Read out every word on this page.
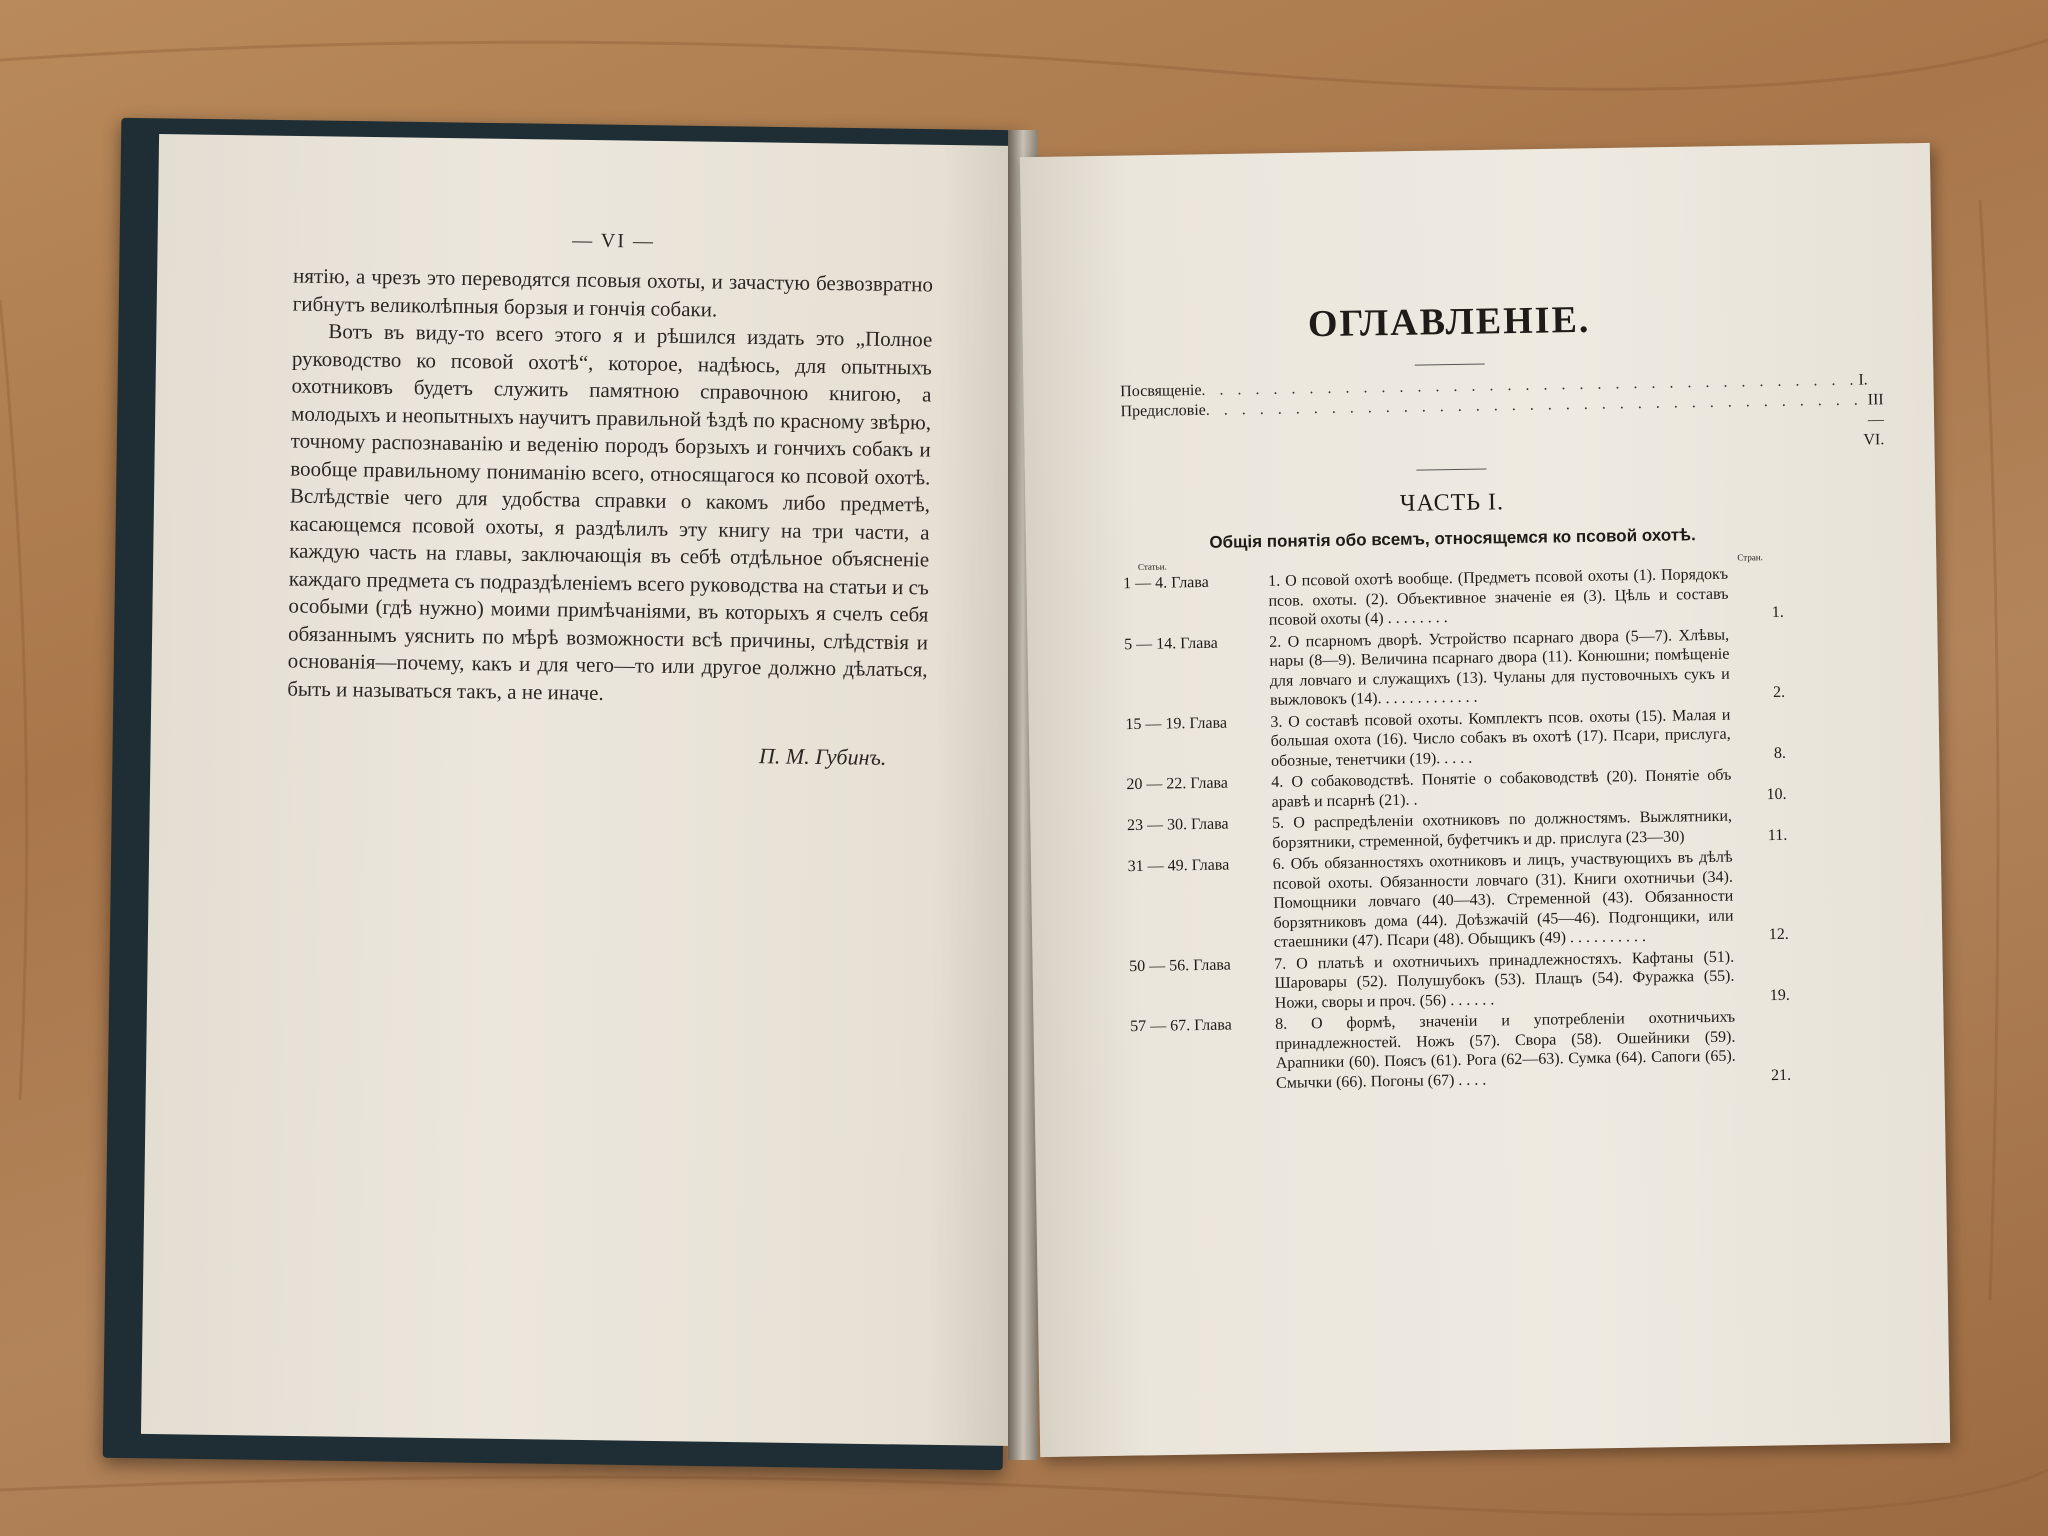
— VI —

нятію, а чрезъ это переводятся псовыя охоты, и зачастую безвозвратно гибнутъ великолѣпныя борзыя и гончія собаки.

Вотъ въ виду-то всего этого я и рѣшился издать это „Полное руководство ко псовой охотѣ“, которое, надѣюсь, для опытныхъ охотниковъ будетъ служить памятною справочною книгою, а молодыхъ и неопытныхъ научитъ правильной ѣздѣ по красному звѣрю, точному распознаванію и веденію породъ борзыхъ и гончихъ собакъ и вообще правильному пониманію всего, относящагося ко псовой охотѣ. Вслѣдствіе чего для удобства справки о какомъ либо предметѣ, касающемся псовой охоты, я раздѣлилъ эту книгу на три части, а каждую часть на главы, заключающія въ себѣ отдѣльное объясненіе каждаго предмета съ подраздѣленіемъ всего руководства на статьи и съ особыми (гдѣ нужно) моими примѣчаніями, въ которыхъ я счелъ себя обязаннымъ уяснить по мѣрѣ возможности всѣ причины, слѣдствія и основанія—почему, какъ и для чего—то или другое должно дѣлаться, быть и называться такъ, а не иначе.

П. М. Губинъ.
ОГЛАВЛЕНІЕ.
Посвященіе . . . . . . . . . . . . . . . . . . . . . . . . . . . . . . . . . . . . . I.
Предисловіе . . . . . . . . . . . . . . . . . . . . . . . . . . . . . . . . . . . . . III—VI.
ЧАСТЬ I.
Общія понятія обо всемъ, относящемся ко псовой охотѣ.
Статьи.
Стран.
1 — 4. Глава	1. О псовой охотѣ вообще. (Предметъ псовой охоты (1). Порядокъ псов. охоты. (2). Объективное значеніе ея (3). Цѣль и составъ псовой охоты (4) . . . . . . . .	1.
5 — 14. Глава	2. О псарномъ дворѣ. Устройство псарнаго двора (5—7). Хлѣвы, нары (8—9). Величина псарнаго двора (11). Конюшни; помѣщеніе для ловчаго и служащихъ (13). Чуланы для пустовочныхъ сукъ и выжловокъ (14). . . . . . . . . . . . .	2.
15 — 19. Глава	3. О составѣ псовой охоты. Комплектъ псов. охоты (15). Малая и большая охота (16). Число собакъ въ охотѣ (17). Псари, прислуга, обозные, тенетчики (19). . . . .	8.
20 — 22. Глава	4. О собаководствѣ. Понятіе о собаководствѣ (20). Понятіе объ аравѣ и псарнѣ (21). .	10.
23 — 30. Глава	5. О распредѣленіи охотниковъ по должностямъ. Выжлятники, борзятники, стременной, буфетчикъ и др. прислуга (23—30)	11.
31 — 49. Глава	6. Объ обязанностяхъ охотниковъ и лицъ, участвующихъ въ дѣлѣ псовой охоты. Обязанности ловчаго (31). Книги охотничьи (34). Помощники ловчаго (40—43). Стременной (43). Обязанности борзятниковъ дома (44). Доѣзжачій (45—46). Подгонщики, или стаешники (47). Псари (48). Обыщикъ (49) . . . . . . . . . .	12.
50 — 56. Глава	7. О платьѣ и охотничьихъ принадлежностяхъ. Кафтаны (51). Шаровары (52). Полушубокъ (53). Плащъ (54). Фуражка (55). Ножи, своры и проч. (56) . . . . . .	19.
57 — 67. Глава	8. О формѣ, значеніи и употребленіи охотничьихъ принадлежностей. Ножъ (57). Свора (58). Ошейники (59). Арапники (60). Поясъ (61). Рога (62—63). Сумка (64). Сапоги (65). Смычки (66). Погоны (67) . . . .	21.
